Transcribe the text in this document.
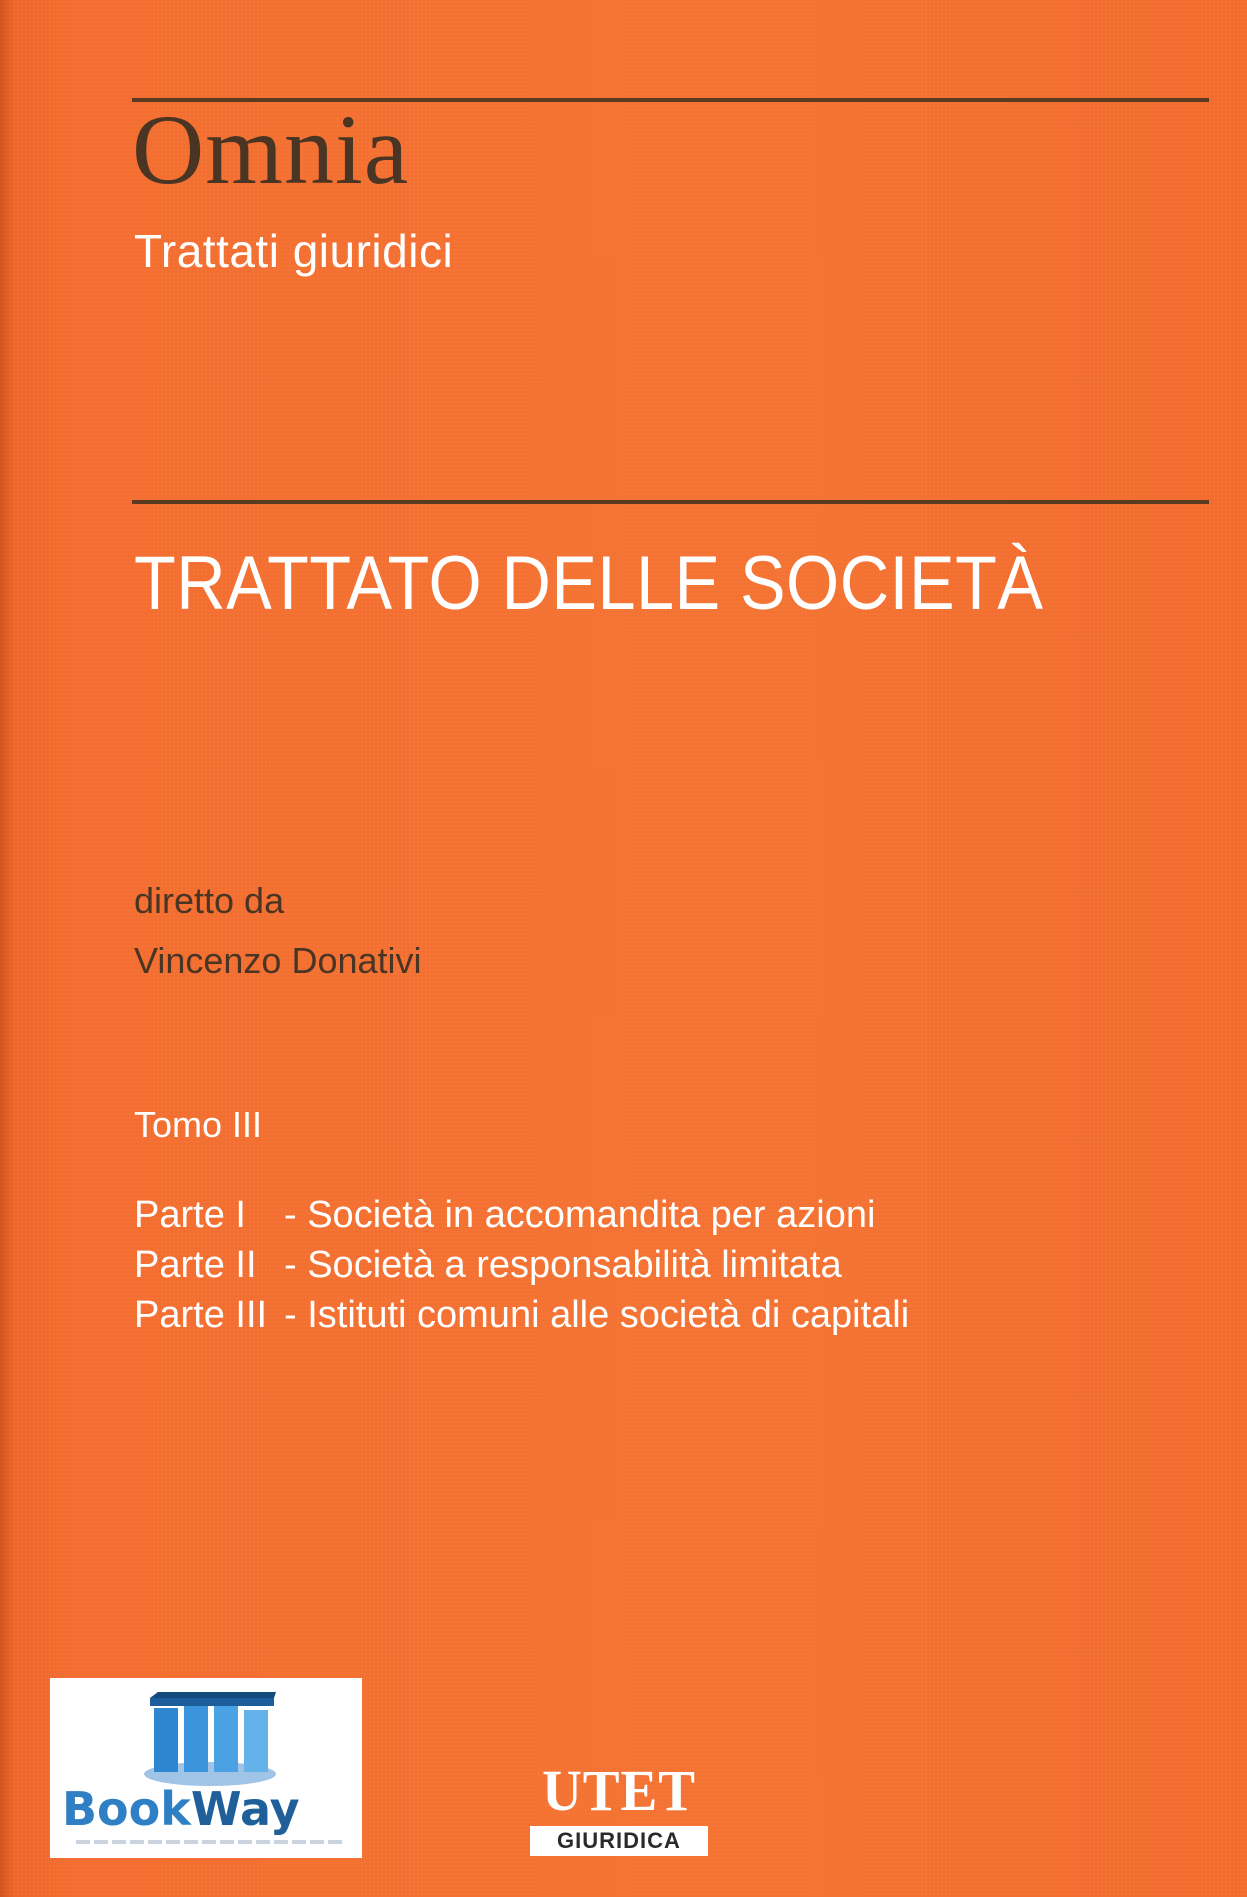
Omnia
Trattati giuridici
TRATTATO DELLE SOCIETÀ
diretto da
Vincenzo Donativi
Tomo III
Parte I	- Società in accomandita per azioni
Parte II - Società a responsabilità limitata
Parte III - Istituti comuni alle società di capitali
BookWay	UTET
GIURIDICA
